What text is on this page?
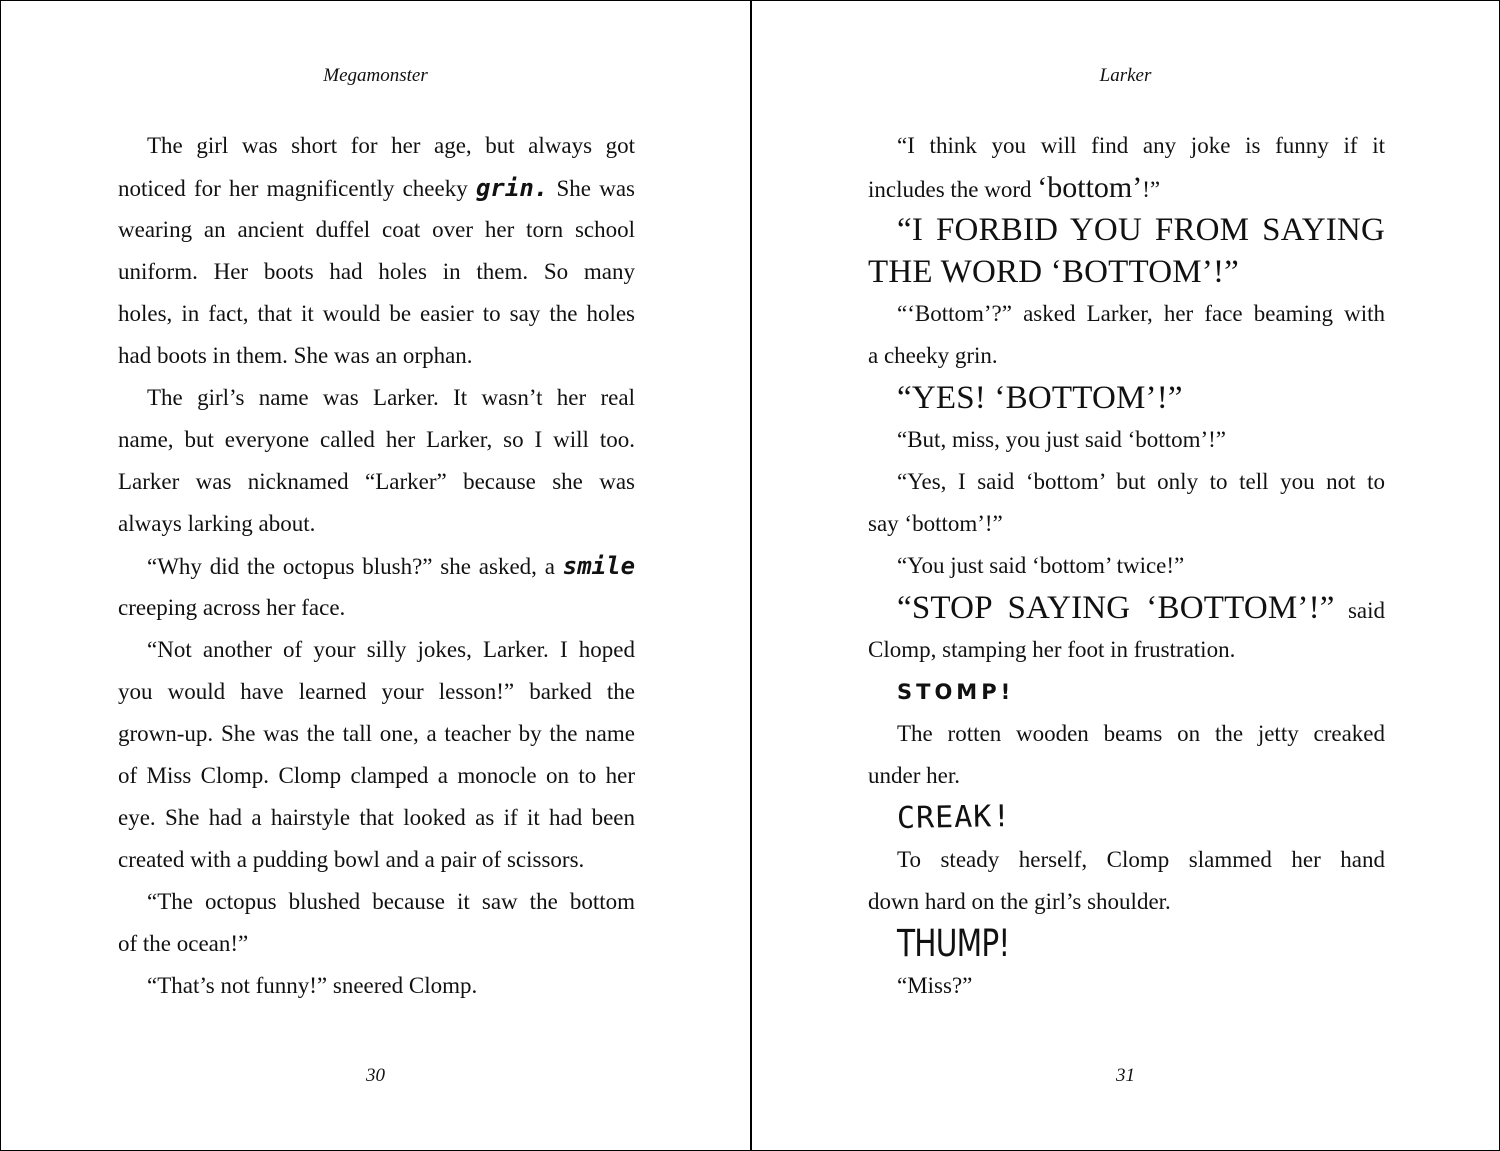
Megamonster
The girl was short for her age, but always got
noticed for her magnificently cheeky grin. She was
wearing an ancient duffel coat over her torn school
uniform. Her boots had holes in them. So many
holes, in fact, that it would be easier to say the holes
had boots in them. She was an orphan.
The girl’s name was Larker. It wasn’t her real
name, but everyone called her Larker, so I will too.
Larker was nicknamed “Larker” because she was
always larking about.
“Why did the octopus blush?” she asked, a smile
creeping across her face.
“Not another of your silly jokes, Larker. I hoped
you would have learned your lesson!” barked the
grown-up. She was the tall one, a teacher by the name
of Miss Clomp. Clomp clamped a monocle on to her
eye. She had a hairstyle that looked as if it had been
created with a pudding bowl and a pair of scissors.
“The octopus blushed because it saw the bottom
of the ocean!”
“That’s not funny!” sneered Clomp.
30
Larker
“I think you will find any joke is funny if it
includes the word ‘bottom’!”
“I FORBID YOU FROM SAYING
THE WORD ‘BOTTOM’!”
“‘Bottom’?” asked Larker, her face beaming with
a cheeky grin.
“YES! ‘BOTTOM’!”
“But, miss, you just said ‘bottom’!”
“Yes, I said ‘bottom’ but only to tell you not to
say ‘bottom’!”
“You just said ‘bottom’ twice!”
“STOP SAYING ‘BOTTOM’!” said
Clomp, stamping her foot in frustration.
STOMP!
The rotten wooden beams on the jetty creaked
under her.
CREAK!
To steady herself, Clomp slammed her hand
down hard on the girl’s shoulder.
THUMP!
“Miss?”
31
